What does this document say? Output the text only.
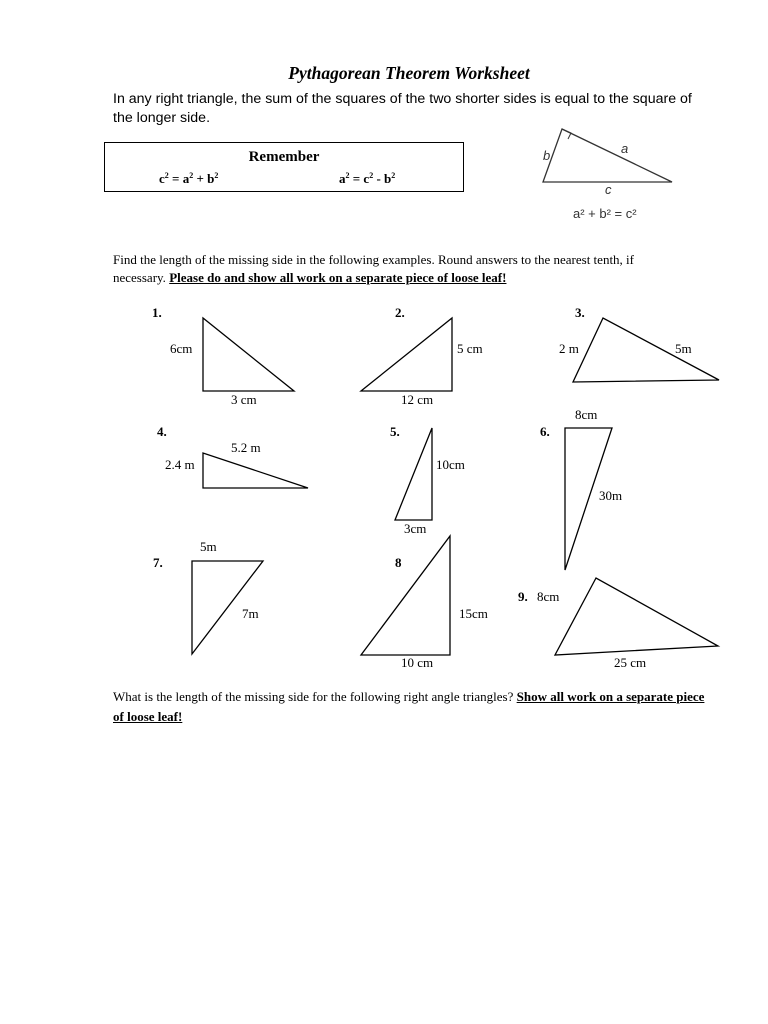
Pythagorean Theorem Worksheet
In any right triangle, the sum of the squares of the two shorter sides is equal to the square of the longer side.
Remember
$c^2 = a^2 + b^2$	$a^2 = c^2 - b^2$
b	a
c
a² + b² = c²
Find the length of the missing side in the following examples. Round answers to the nearest tenth, if necessary. Please do and show all work on a separate piece of loose leaf!
1.
6cm
3 cm
2.
5 cm
12 cm
3.
2 m	5m
4.
5.2 m
2.4 m
5.
10cm
3cm
6.
8cm
30m
7.
5m
7m
8
15cm
10 cm
9. 8cm
25 cm
What is the length of the missing side for the following right angle triangles? Show all work on a separate piece of loose leaf!
